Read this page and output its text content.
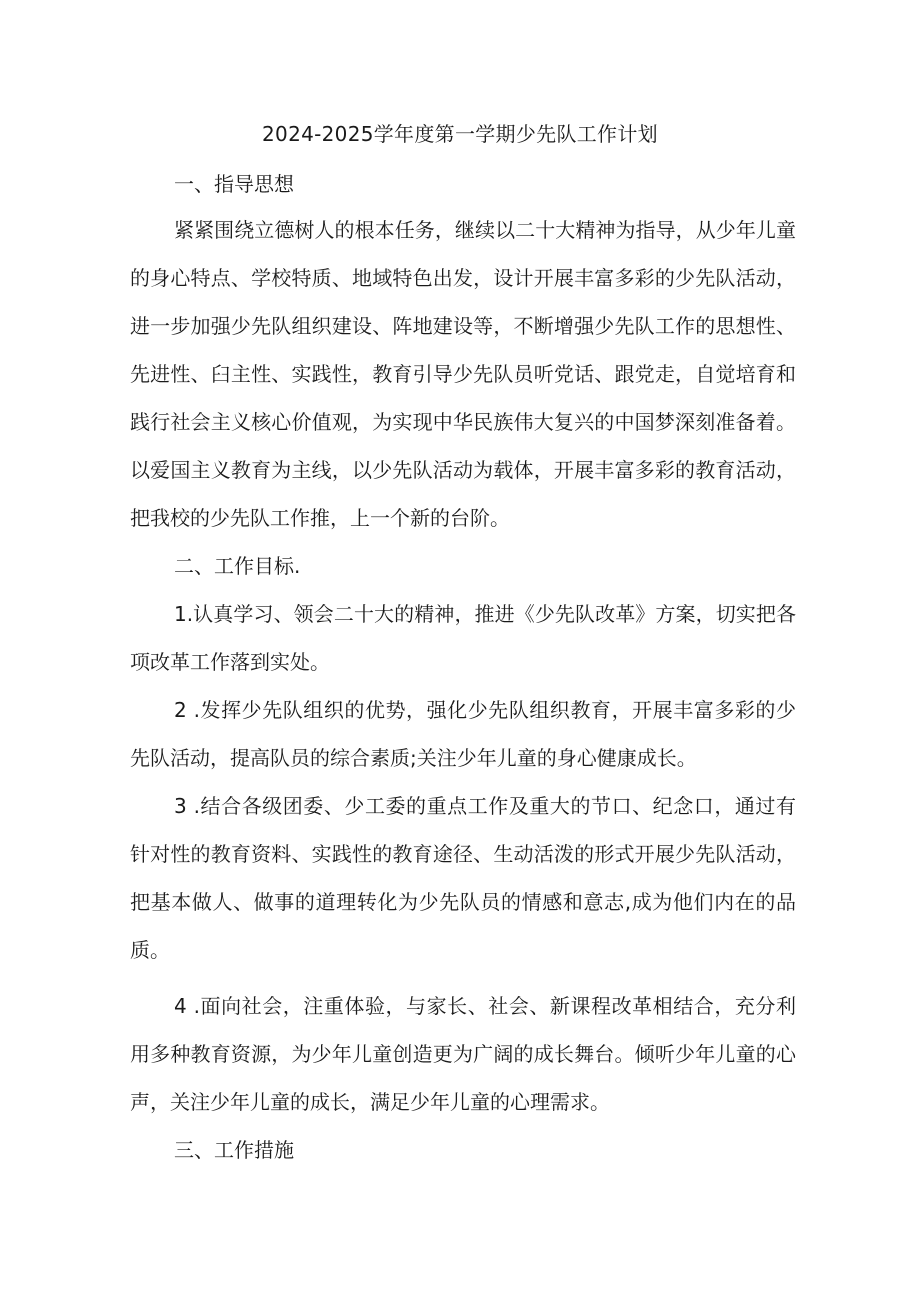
2024-2025学年度第一学期少先队工作计划

一、指导思想

紧紧围绕立德树人的根本任务，继续以二十大精神为指导，从少年儿童的身心特点、学校特质、地域特色出发，设计开展丰富多彩的少先队活动，进一步加强少先队组织建设、阵地建设等，不断增强少先队工作的思想性、先进性、臼主性、实践性，教育引导少先队员听党话、跟党走，自觉培育和践行社会主义核心价值观，为实现中华民族伟大复兴的中国梦深刻准备着。以爱国主义教育为主线，以少先队活动为载体，开展丰富多彩的教育活动，把我校的少先队工作推，上一个新的台阶。

二、工作目标.

1.认真学习、领会二十大的精神，推进《少先队改革》方案，切实把各项改革工作落到实处。

2 .发挥少先队组织的优势，强化少先队组织教育，开展丰富多彩的少先队活动，提高队员的综合素质;关注少年儿童的身心健康成长。

3 .结合各级团委、少工委的重点工作及重大的节口、纪念口，通过有针对性的教育资料、实践性的教育途径、生动活泼的形式开展少先队活动，把基本做人、做事的道理转化为少先队员的情感和意志,成为他们内在的品质。

4 .面向社会，注重体验，与家长、社会、新课程改革相结合，充分利用多种教育资源，为少年儿童创造更为广阔的成长舞台。倾听少年儿童的心声，关注少年儿童的成长，满足少年儿童的心理需求。

三、工作措施
